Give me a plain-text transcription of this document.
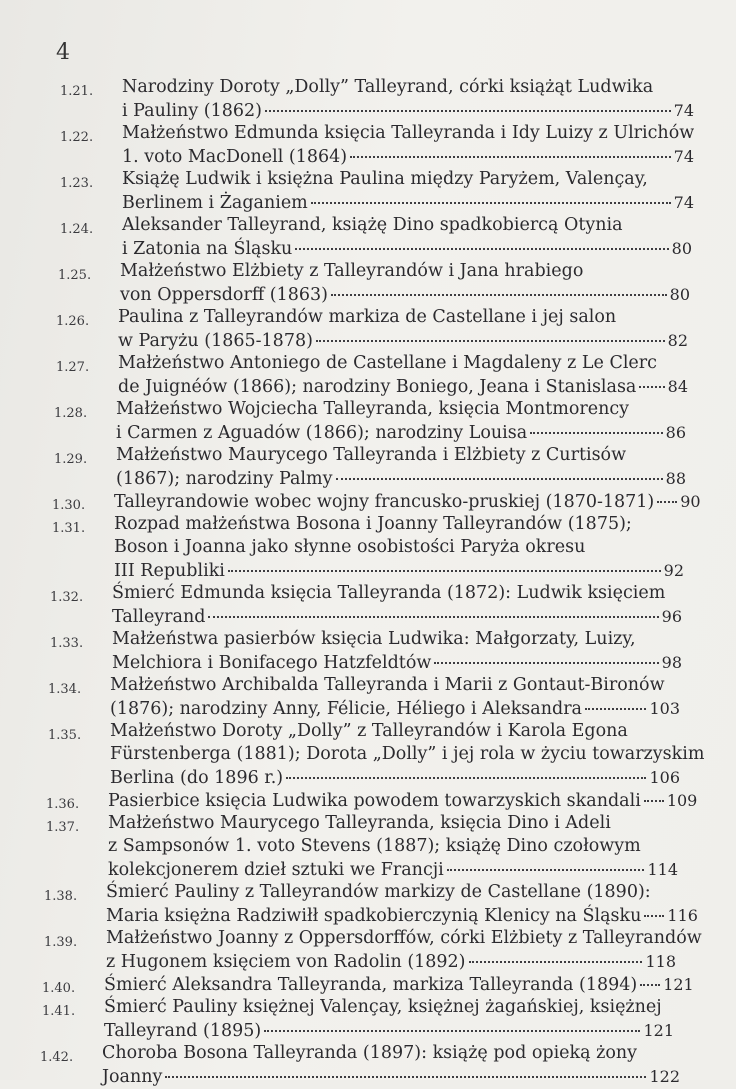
4
1.21.	Narodziny Doroty „Dolly” Talleyrand, córki książąt Ludwika
i Pauliny (1862)	74
1.22.	Małżeństwo Edmunda księcia Talleyranda i Idy Luizy z Ulrichów
1. voto MacDonell (1864)	74
1.23.	Książę Ludwik i księżna Paulina między Paryżem, Valençay,
Berlinem i Żaganiem	74
1.24.	Aleksander Talleyrand, książę Dino spadkobiercą Otynia
i Zatonia na Śląsku	80
1.25.	Małżeństwo Elżbiety z Talleyrandów i Jana hrabiego
von Oppersdorff (1863)	80
1.26.	Paulina z Talleyrandów markiza de Castellane i jej salon
w Paryżu (1865-1878)	82
1.27.	Małżeństwo Antoniego de Castellane i Magdaleny z Le Clerc
de Juignéów (1866); narodziny Boniego, Jeana i Stanislasa 84
1.28.	Małżeństwo Wojciecha Talleyranda, księcia Montmorency
i Carmen z Aguadów (1866); narodziny Louisa	86
1.29.	Małżeństwo Maurycego Talleyranda i Elżbiety z Curtisów
(1867); narodziny Palmy	88
1.30.	Talleyrandowie wobec wojny francusko-pruskiej (1870-1871) 90
1.31.	Rozpad małżeństwa Bosona i Joanny Talleyrandów (1875);
Boson i Joanna jako słynne osobistości Paryża okresu
III Republiki	92
1.32.	Śmierć Edmunda księcia Talleyranda (1872): Ludwik księciem
Talleyrand	96
1.33.	Małżeństwa pasierbów księcia Ludwika: Małgorzaty, Luizy,
Melchiora i Bonifacego Hatzfeldtów	98
1.34.	Małżeństwo Archibalda Talleyranda i Marii z Gontaut-Bironów
(1876); narodziny Anny, Félicie, Héliego i Aleksandra	103
1.35.	Małżeństwo Doroty „Dolly” z Talleyrandów i Karola Egona
Fürstenberga (1881); Dorota „Dolly” i jej rola w życiu towarzyskim
Berlina (do 1896 r.)	106
1.36.	Pasierbice księcia Ludwika powodem towarzyskich skandali 109
1.37.	Małżeństwo Maurycego Talleyranda, księcia Dino i Adeli
z Sampsonów 1. voto Stevens (1887); książę Dino czołowym
kolekcjonerem dzieł sztuki we Francji	114
1.38.	Śmierć Pauliny z Talleyrandów markizy de Castellane (1890):
Maria księżna Radziwiłł spadkobierczynią Klenicy na Śląsku 116
1.39.	Małżeństwo Joanny z Oppersdorffów, córki Elżbiety z Talleyrandów
z Hugonem księciem von Radolin (1892)	118
1.40.	Śmierć Aleksandra Talleyranda, markiza Talleyranda (1894) 121
1.41.	Śmierć Pauliny księżnej Valençay, księżnej żagańskiej, księżnej
Talleyrand (1895)	121
1.42.	Choroba Bosona Talleyranda (1897): książę pod opieką żony
Joanny	122
